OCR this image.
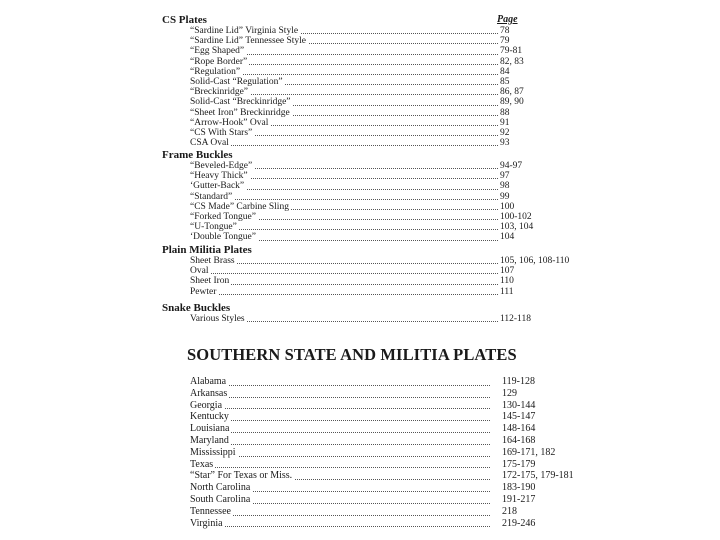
Page
CS Plates
“Sardine Lid” Virginia Style	78
“Sardine Lid” Tennessee Style	79
“Egg Shaped”	79-81
“Rope Border”	82, 83
“Regulation”	84
Solid-Cast “Regulation”	85
“Breckinridge”	86, 87
Solid-Cast “Breckinridge”	89, 90
“Sheet Iron” Breckinridge	88
“Arrow-Hook” Oval	91
“CS With Stars”	92
CSA Oval	93
Frame Buckles
“Beveled-Edge”	94-97
“Heavy Thick”	97
‘Gutter-Back”	98
“Standard”	99
“CS Made” Carbine Sling	100
“Forked Tongue”	100-102
“U-Tongue”	103, 104
‘Double Tongue”	104
Plain Militia Plates
Sheet Brass	105, 106, 108-110
Oval	107
Sheet Iron	110
Pewter	111
Snake Buckles
Various Styles	112-118
SOUTHERN STATE AND MILITIA PLATES
Alabama	119-128
Arkansas	129
Georgia	130-144
Kentucky	145-147
Louisiana	148-164
Maryland	164-168
Mississippi	169-171, 182
Texas	175-179
“Star” For Texas or Miss.	172-175, 179-181
North Carolina	183-190
South Carolina	191-217
Tennessee	218
Virginia	219-246
